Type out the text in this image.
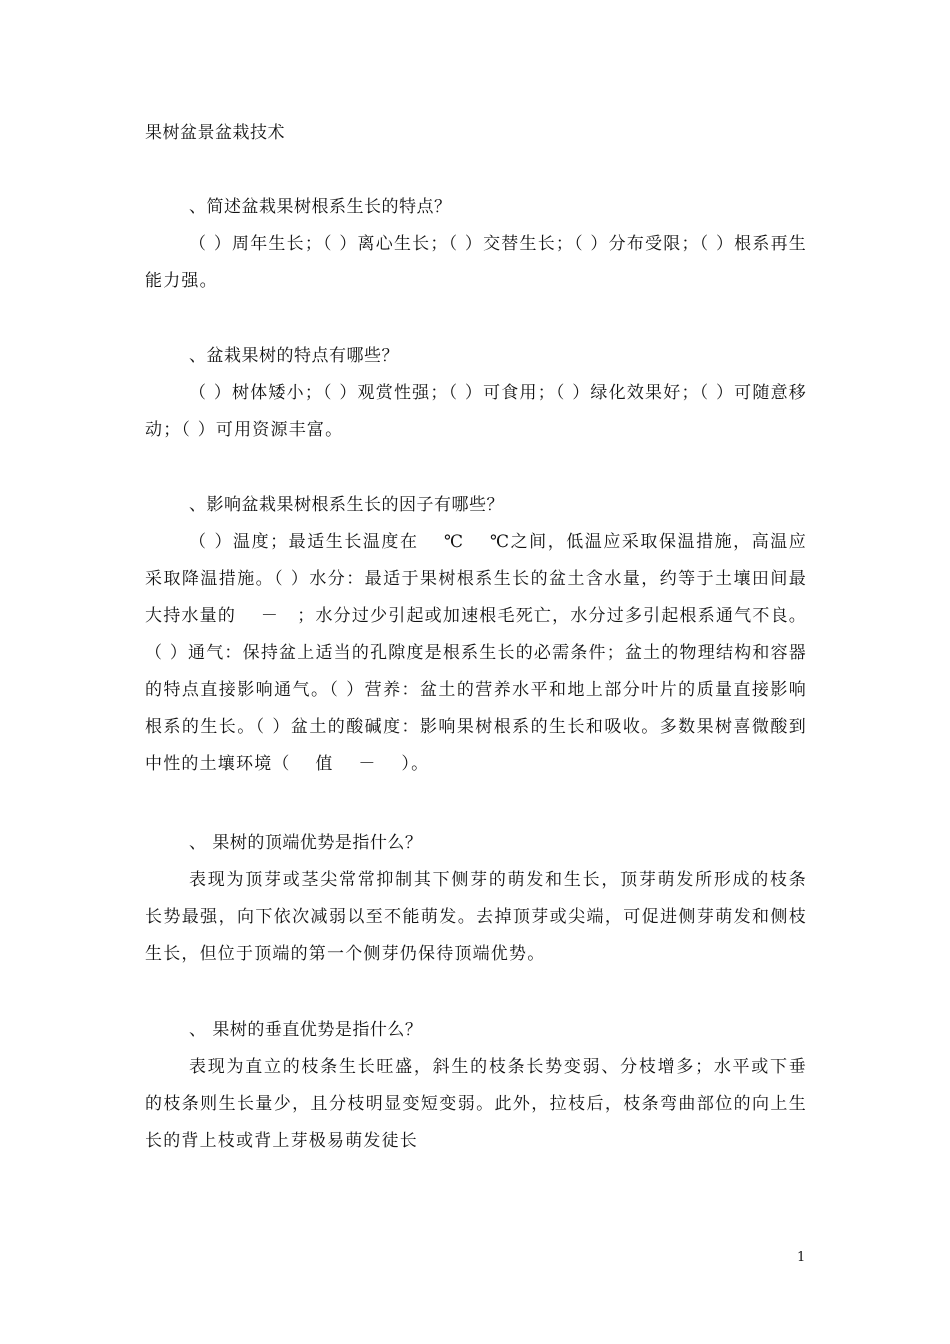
果树盆景盆栽技术
、简述盆栽果树根系生长的特点？

（ ）周年生长；（ ）离心生长；（ ）交替生长；（ ）分布受限；（ ）根系再生能力强。

、盆栽果树的特点有哪些？

（ ）树体矮小；（ ）观赏性强；（ ）可食用；（ ）绿化效果好；（ ）可随意移动；（ ）可用资源丰富。

、影响盆栽果树根系生长的因子有哪些？

（ ）温度；最适生长温度在　 ℃　 ℃之间，低温应采取保温措施，高温应采取降温措施。（ ）水分：最适于果树根系生长的盆土含水量，约等于土壤田间最大持水量的　 －　；水分过少引起或加速根毛死亡，水分过多引起根系通气不良。（ ）通气：保持盆上适当的孔隙度是根系生长的必需条件；盆土的物理结构和容器的特点直接影响通气。（ ）营养：盆土的营养水平和地上部分叶片的质量直接影响根系的生长。（ ）盆土的酸碱度：影响果树根系的生长和吸收。多数果树喜微酸到中性的土壤环境（　 值　 －　 ）。

、 果树的顶端优势是指什么？

表现为顶芽或茎尖常常抑制其下侧芽的萌发和生长，顶芽萌发所形成的枝条长势最强，向下依次减弱以至不能萌发。去掉顶芽或尖端，可促进侧芽萌发和侧枝生长，但位于顶端的第一个侧芽仍保待顶端优势。

、 果树的垂直优势是指什么？

表现为直立的枝条生长旺盛，斜生的枝条长势变弱、分枝增多；水平或下垂的枝条则生长量少，且分枝明显变短变弱。此外，拉枝后，枝条弯曲部位的向上生长的背上枝或背上芽极易萌发徒长

1
